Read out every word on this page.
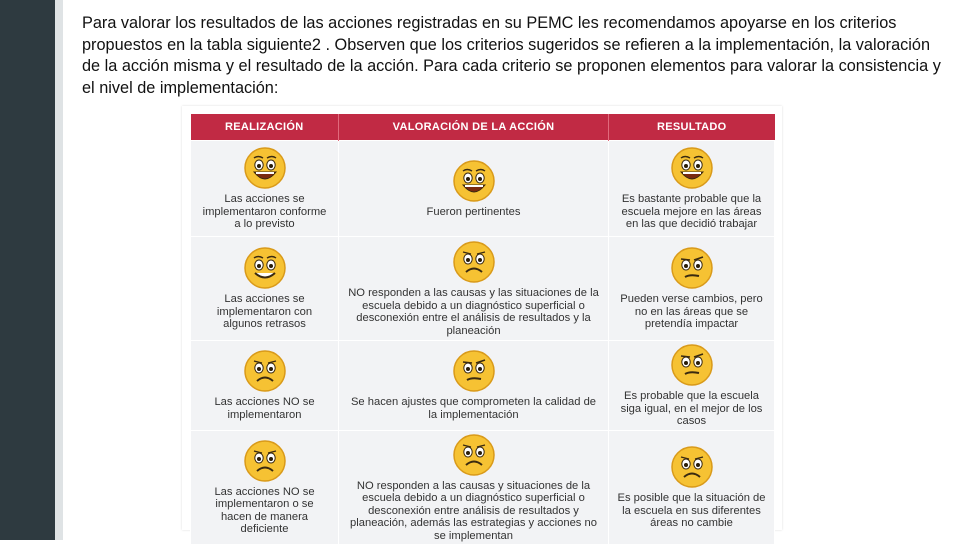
Para valorar los resultados de las acciones registradas en su PEMC les recomendamos apoyarse en los criterios propuestos en la tabla siguiente2 . Observen que los criterios sugeridos se refieren a la implementación, la valoración de la acción misma y el resultado de la acción. Para cada criterio se proponen elementos para valorar la consistencia y el nivel de implementación:

REALIZACIÓN	VALORACIÓN DE LA ACCIÓN	RESULTADO

Las acciones se implementaron conforme a lo previsto	Fueron pertinentes	Es bastante probable que la escuela mejore en las áreas en las que decidió trabajar

Las acciones se implementaron con algunos retrasos	NO responden a las causas y las situaciones de la escuela debido a un diagnóstico superficial o desconexión entre el análisis de resultados y la planeación	Pueden verse cambios, pero no en las áreas que se pretendía impactar

Las acciones NO se implementaron	Se hacen ajustes que comprometen la calidad de la implementación	Es probable que la escuela siga igual, en el mejor de los casos

Las acciones NO se implementaron o se hacen de manera deficiente	NO responden a las causas y situaciones de la escuela debido a un diagnóstico superficial o desconexión entre análisis de resultados y planeación, además las estrategias y acciones no se implementan	Es posible que la situación de la escuela en sus diferentes áreas no cambie
